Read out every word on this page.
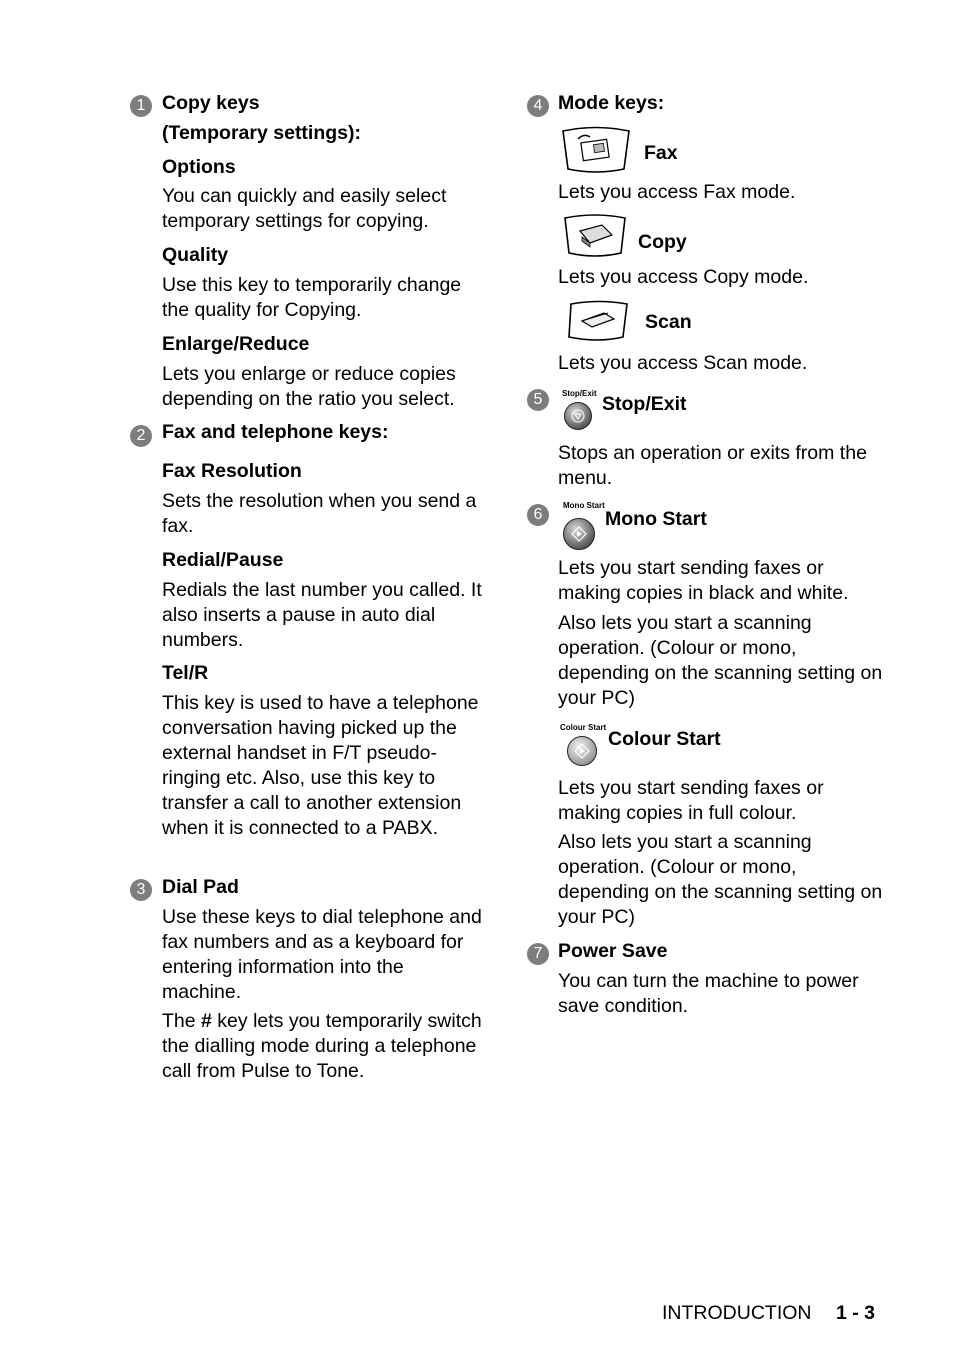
1 Copy keys
(Temporary settings):
Options
You can quickly and easily select temporary settings for copying.
Quality
Use this key to temporarily change the quality for Copying.
Enlarge/Reduce
Lets you enlarge or reduce copies depending on the ratio you select.
2 Fax and telephone keys:
Fax Resolution
Sets the resolution when you send a fax.
Redial/Pause
Redials the last number you called. It also inserts a pause in auto dial numbers.
Tel/R
This key is used to have a telephone conversation having picked up the external handset in F/T pseudo-ringing etc. Also, use this key to transfer a call to another extension when it is connected to a PABX.
3 Dial Pad
Use these keys to dial telephone and fax numbers and as a keyboard for entering information into the machine.
The # key lets you temporarily switch the dialling mode during a telephone call from Pulse to Tone.
4 Mode keys:
Fax
Lets you access Fax mode.
Copy
Lets you access Copy mode.
Scan
Lets you access Scan mode.
5	Stop/Exit Stop/Exit
Stops an operation or exits from the menu.
6
Mono Start
Mono Start
Lets you start sending faxes or making copies in black and white.
Also lets you start a scanning operation. (Colour or mono, depending on the scanning setting on your PC)
Colour Start
Colour Start
Lets you start sending faxes or making copies in full colour.
Also lets you start a scanning operation. (Colour or mono, depending on the scanning setting on your PC)
7 Power Save
You can turn the machine to power save condition.
INTRODUCTION 1 - 3
